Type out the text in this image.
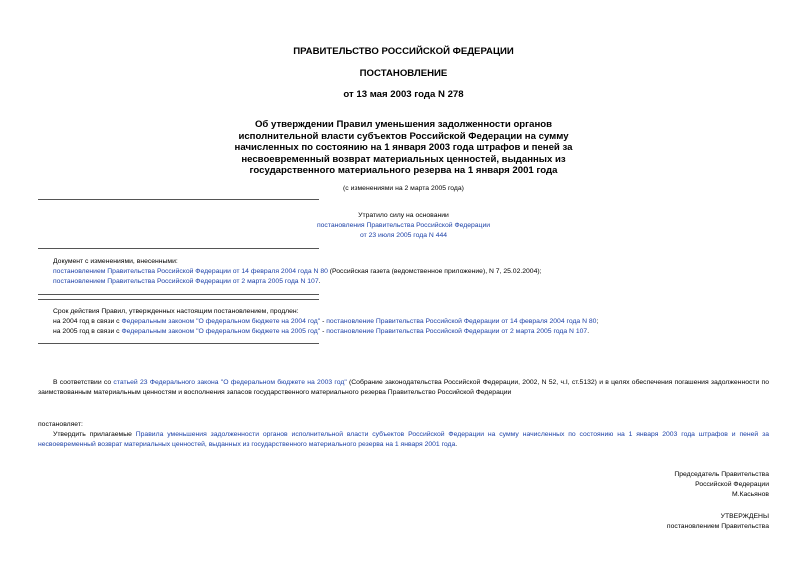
ПРАВИТЕЛЬСТВО РОССИЙСКОЙ ФЕДЕРАЦИИ
ПОСТАНОВЛЕНИЕ
от 13 мая 2003 года N 278
Об утверждении Правил уменьшения задолженности органов
исполнительной власти субъектов Российской Федерации на сумму
начисленных по состоянию на 1 января 2003 года штрафов и пеней за
несвоевременный возврат материальных ценностей, выданных из
государственного материального резерва на 1 января 2001 года
(с изменениями на 2 марта 2005 года)
Утратило силу на основании
постановления Правительства Российской Федерации
от 23 июля 2005 года N 444
Документ с изменениями, внесенными:
постановлением Правительства Российской Федерации от 14 февраля 2004 года N 80 (Российская газета (ведомственное приложение), N 7, 25.02.2004);
постановлением Правительства Российской Федерации от 2 марта 2005 года N 107.
Срок действия Правил, утвержденных настоящим постановлением, продлен:
на 2004 год в связи с Федеральным законом "О федеральном бюджете на 2004 год" - постановление Правительства Российской Федерации от 14 февраля 2004 года N 80;
на 2005 год в связи с Федеральным законом "О федеральном бюджете на 2005 год" - постановление Правительства Российской Федерации от 2 марта 2005 года N 107.
В соответствии со статьей 23 Федерального закона "О федеральном бюджете на 2003 год" (Собрание законодательства Российской Федерации, 2002, N 52, ч.I, ст.5132) и в целях обеспечения погашения задолженности по заимствованным материальным ценностям и восполнения запасов государственного материального резерва Правительство Российской Федерации
постановляет:
Утвердить прилагаемые Правила уменьшения задолженности органов исполнительной власти субъектов Российской Федерации на сумму начисленных по состоянию на 1 января 2003 года штрафов и пеней за несвоевременный возврат материальных ценностей, выданных из государственного материального резерва на 1 января 2001 года.
Председатель Правительства
Российской Федерации
М.Касьянов
УТВЕРЖДЕНЫ
постановлением Правительства
